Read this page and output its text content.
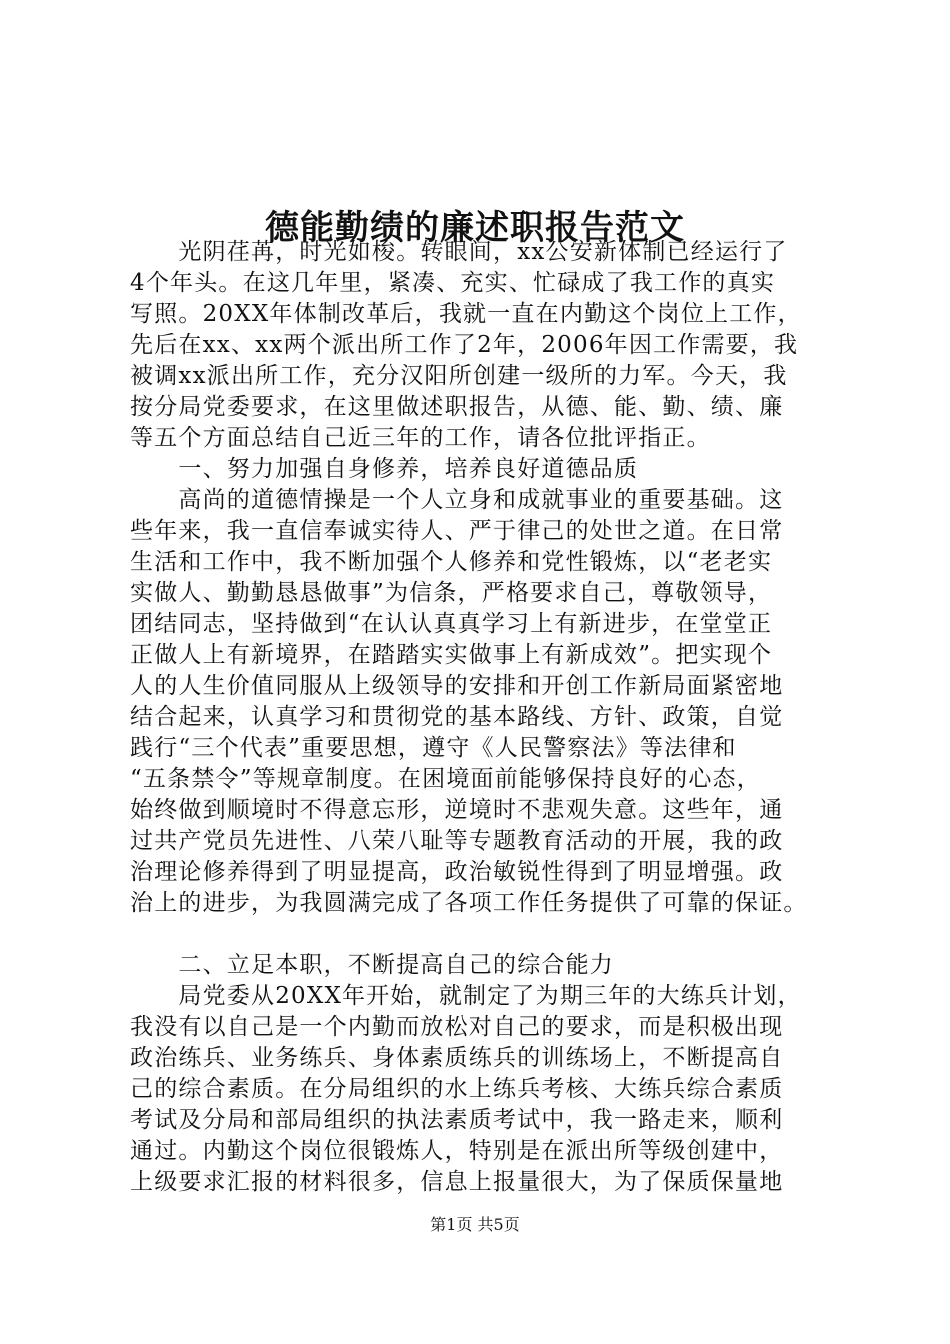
德能勤绩的廉述职报告范文
　　光阴荏苒，时光如梭。转眼间，xx公安新体制已经运行了
4个年头。在这几年里，紧凑、充实、忙碌成了我工作的真实
写照。20XX年体制改革后，我就一直在内勤这个岗位上工作，
先后在xx、xx两个派出所工作了2年，2006年因工作需要，我
被调xx派出所工作，充分汉阳所创建一级所的力军。今天，我
按分局党委要求，在这里做述职报告，从德、能、勤、绩、廉
等五个方面总结自己近三年的工作，请各位批评指正。
　　一、努力加强自身修养，培养良好道德品质
　　高尚的道德情操是一个人立身和成就事业的重要基础。这
些年来，我一直信奉诚实待人、严于律己的处世之道。在日常
生活和工作中，我不断加强个人修养和党性锻炼，以“老老实
实做人、勤勤恳恳做事”为信条，严格要求自己，尊敬领导，
团结同志，坚持做到“在认认真真学习上有新进步，在堂堂正
正做人上有新境界，在踏踏实实做事上有新成效”。把实现个
人的人生价值同服从上级领导的安排和开创工作新局面紧密地
结合起来，认真学习和贯彻党的基本路线、方针、政策，自觉
践行“三个代表”重要思想，遵守《人民警察法》等法律和
“五条禁令”等规章制度。在困境面前能够保持良好的心态，
始终做到顺境时不得意忘形，逆境时不悲观失意。这些年，通
过共产党员先进性、八荣八耻等专题教育活动的开展，我的政
治理论修养得到了明显提高，政治敏锐性得到了明显增强。政
治上的进步，为我圆满完成了各项工作任务提供了可靠的保证。
　　二、立足本职，不断提高自己的综合能力
　　局党委从20XX年开始，就制定了为期三年的大练兵计划，
我没有以自己是一个内勤而放松对自己的要求，而是积极出现
政治练兵、业务练兵、身体素质练兵的训练场上，不断提高自
己的综合素质。在分局组织的水上练兵考核、大练兵综合素质
考试及分局和部局组织的执法素质考试中，我一路走来，顺利
通过。内勤这个岗位很锻炼人，特别是在派出所等级创建中，
上级要求汇报的材料很多，信息上报量很大，为了保质保量地
第1页 共5页
